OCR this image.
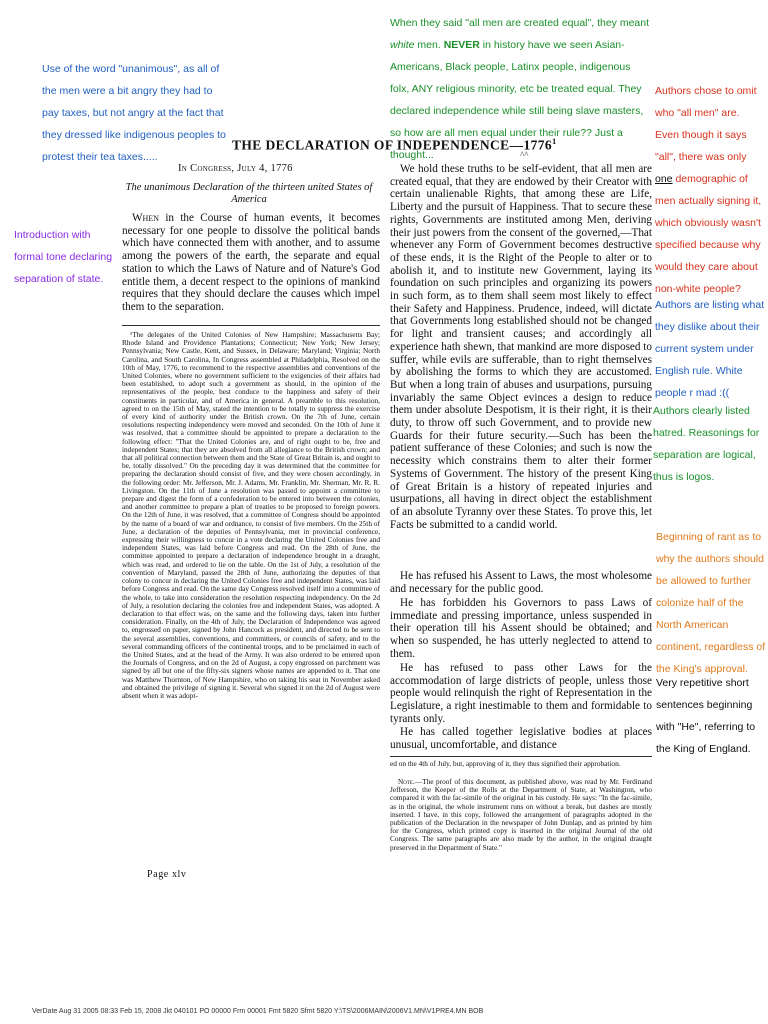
Use of the word "unanimous", as all of the men were a bit angry they had to pay taxes, but not angry at the fact that they dressed like indigenous peoples to protest their tea taxes.....
When they said "all men are created equal", they meant white men. NEVER in history have we seen Asian-Americans, Black people, Latinx people, indigenous folx, ANY religious minority, etc be treated equal. They declared independence while still being slave masters, so how are all men equal under their rule?? Just a thought...
Authors chose to omit who "all men" are. Even though it says "all", there was only one demographic of men actually signing it, which obviously wasn't specified because why would they care about non-white people?
Authors are listing what they dislike about their current system under English rule. White people r mad :((
Authors clearly listed hatred. Reasonings for separation are logical, thus is logos.
Introduction with formal tone declaring separation of state.
Beginning of rant as to why the authors should be allowed to further colonize half of the North American continent, regardless of the King's approval.
Very repetitive short sentences beginning with "He", referring to the King of England.
^^
THE DECLARATION OF INDEPENDENCE—1776$^1$
In Congress, July 4, 1776
The unanimous Declaration of the thirteen united States of America
When in the Course of human events, it becomes necessary for one people to dissolve the political bands which have connected them with another, and to assume among the powers of the earth, the separate and equal station to which the Laws of Nature and of Nature's God entitle them, a decent respect to the opinions of mankind requires that they should declare the causes which impel them to the separation.
¹The delegates of the United Colonies of New Hampshire; Massachusetts Bay; Rhode Island and Providence Plantations; Connecticut; New York; New Jersey; Pennsylvania; New Castle, Kent, and Sussex, in Delaware; Maryland; Virginia; North Carolina, and South Carolina, In Congress assembled at Philadelphia, Resolved on the 10th of May, 1776, to recommend to the respective assemblies and conventions of the United Colonies, where no government sufficient to the exigencies of their affairs had been established, to adopt such a government as should, in the opinion of the representatives of the people, best conduce to the happiness and safety of their constituents in particular, and of America in general. A preamble to this resolution, agreed to on the 15th of May, stated the intention to be totally to suppress the exercise of every kind of authority under the British crown. On the 7th of June, certain resolutions respecting independency were moved and seconded. On the 10th of June it was resolved, that a committee should be appointed to prepare a declaration to the following effect: "That the United Colonies are, and of right ought to be, free and independent States; that they are absolved from all allegiance to the British crown; and that all political connection between them and the State of Great Britain is, and ought to be, totally dissolved." On the preceding day it was determined that the committee for preparing the declaration should consist of five, and they were chosen accordingly, in the following order: Mr. Jefferson, Mr. J. Adams, Mr. Franklin, Mr. Sherman, Mr. R. R. Livingston. On the 11th of June a resolution was passed to appoint a committee to prepare and digest the form of a confederation to be entered into between the colonies, and another committee to prepare a plan of treaties to be proposed to foreign powers. On the 12th of June, it was resolved, that a committee of Congress should be appointed by the name of a board of war and ordnance, to consist of five members. On the 25th of June, a declaration of the deputies of Pennsylvania, met in provincial conference, expressing their willingness to concur in a vote declaring the United Colonies free and independent States, was laid before Congress and read. On the 28th of June, the committee appointed to prepare a declaration of independence brought in a draught, which was read, and ordered to lie on the table. On the 1st of July, a resolution of the convention of Maryland, passed the 28th of June, authorizing the deputies of that colony to concur in declaring the United Colonies free and independent States, was laid before Congress and read. On the same day Congress resolved itself into a committee of the whole, to take into consideration the resolution respecting independency. On the 2d of July, a resolution declaring the colonies free and independent States, was adopted. A declaration to that effect was, on the same and the following days, taken into further consideration. Finally, on the 4th of July, the Declaration of Independence was agreed to, engrossed on paper, signed by John Hancock as president, and directed to be sent to the several assemblies, conventions, and committees, or councils of safety, and to the several commanding officers of the continental troops, and to be proclaimed in each of the United States, and at the head of the Army. It was also ordered to be entered upon the Journals of Congress, and on the 2d of August, a copy engrossed on parchment was signed by all but one of the fifty-six signers whose names are appended to it. That one was Matthew Thornton, of New Hampshire, who on taking his seat in November asked and obtained the privilege of signing it. Several who signed it on the 2d of August were absent when it was adopt-
Page xlv
We hold these truths to be self-evident, that all men are created equal, that they are endowed by their Creator with certain unalienable Rights, that among these are Life, Liberty and the pursuit of Happiness. That to secure these rights, Governments are instituted among Men, deriving their just powers from the consent of the governed,—That whenever any Form of Government becomes destructive of these ends, it is the Right of the People to alter or to abolish it, and to institute new Government, laying its foundation on such principles and organizing its powers in such form, as to them shall seem most likely to effect their Safety and Happiness. Prudence, indeed, will dictate that Governments long established should not be changed for light and transient causes; and accordingly all experience hath shewn, that mankind are more disposed to suffer, while evils are sufferable, than to right themselves by abolishing the forms to which they are accustomed. But when a long train of abuses and usurpations, pursuing invariably the same Object evinces a design to reduce them under absolute Despotism, it is their right, it is their duty, to throw off such Government, and to provide new Guards for their future security.—Such has been the patient sufferance of these Colonies; and such is now the necessity which constrains them to alter their former Systems of Government. The history of the present King of Great Britain is a history of repeated injuries and usurpations, all having in direct object the establishment of an absolute Tyranny over these States. To prove this, let Facts be submitted to a candid world.
He has refused his Assent to Laws, the most wholesome and necessary for the public good.
He has forbidden his Governors to pass Laws of immediate and pressing importance, unless suspended in their operation till his Assent should be obtained; and when so suspended, he has utterly neglected to attend to them.
He has refused to pass other Laws for the accommodation of large districts of people, unless those people would relinquish the right of Representation in the Legislature, a right inestimable to them and formidable to tyrants only.
He has called together legislative bodies at places unusual, uncomfortable, and distance
ed on the 4th of July, but, approving of it, they thus signified their approbation.
Note.—The proof of this document, as published above, was read by Mr. Ferdinand Jefferson, the Keeper of the Rolls at the Department of State, at Washington, who compared it with the fac-simile of the original in his custody. He says: "In the fac-simile, as in the original, the whole instrument runs on without a break, but dashes are mostly inserted. I have, in this copy, followed the arrangement of paragraphs adopted in the publication of the Declaration in the newspaper of John Dunlap, and as printed by him for the Congress, which printed copy is inserted in the original Journal of the old Congress. The same paragraphs are also made by the author, in the original draught preserved in the Department of State."
VerDate Aug 31 2005 08:33 Feb 15, 2008 Jkt 040101 PO 00000 Frm 00001 Fmt 5820 Sfmt 5820 Y:\TS\2006MAIN\2006V1.MN\V1PRE4.MN BOB
